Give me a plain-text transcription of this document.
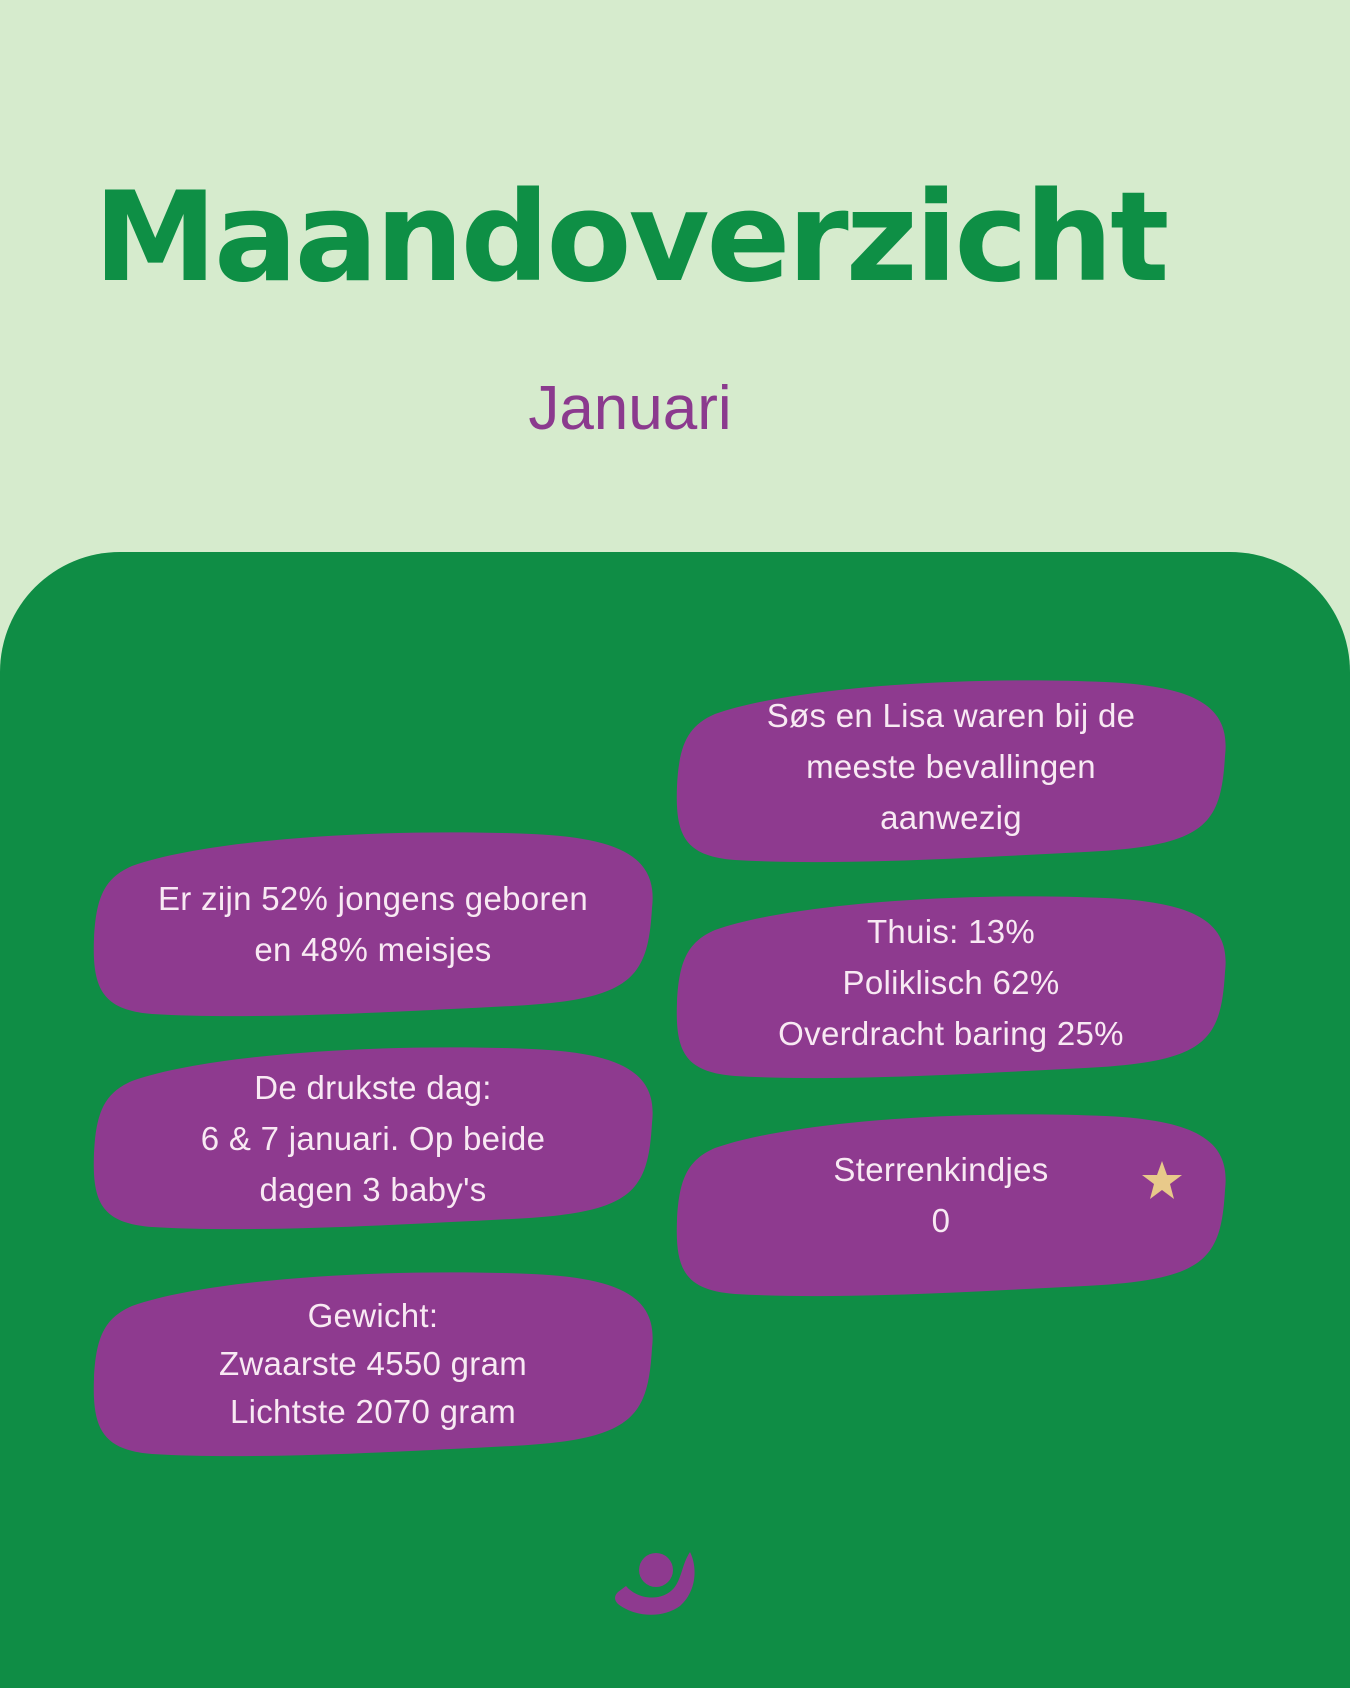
Maandoverzicht
Januari
Er zijn 52% jongens geboren
en 48% meisjes
De drukste dag:
6 & 7 januari. Op beide
dagen 3 baby's
Gewicht:
Zwaarste 4550 gram
Lichtste 2070 gram
Søs en Lisa waren bij de
meeste bevallingen
aanwezig
Thuis: 13%
Poliklisch 62%
Overdracht baring 25%
Sterrenkindjes
0
